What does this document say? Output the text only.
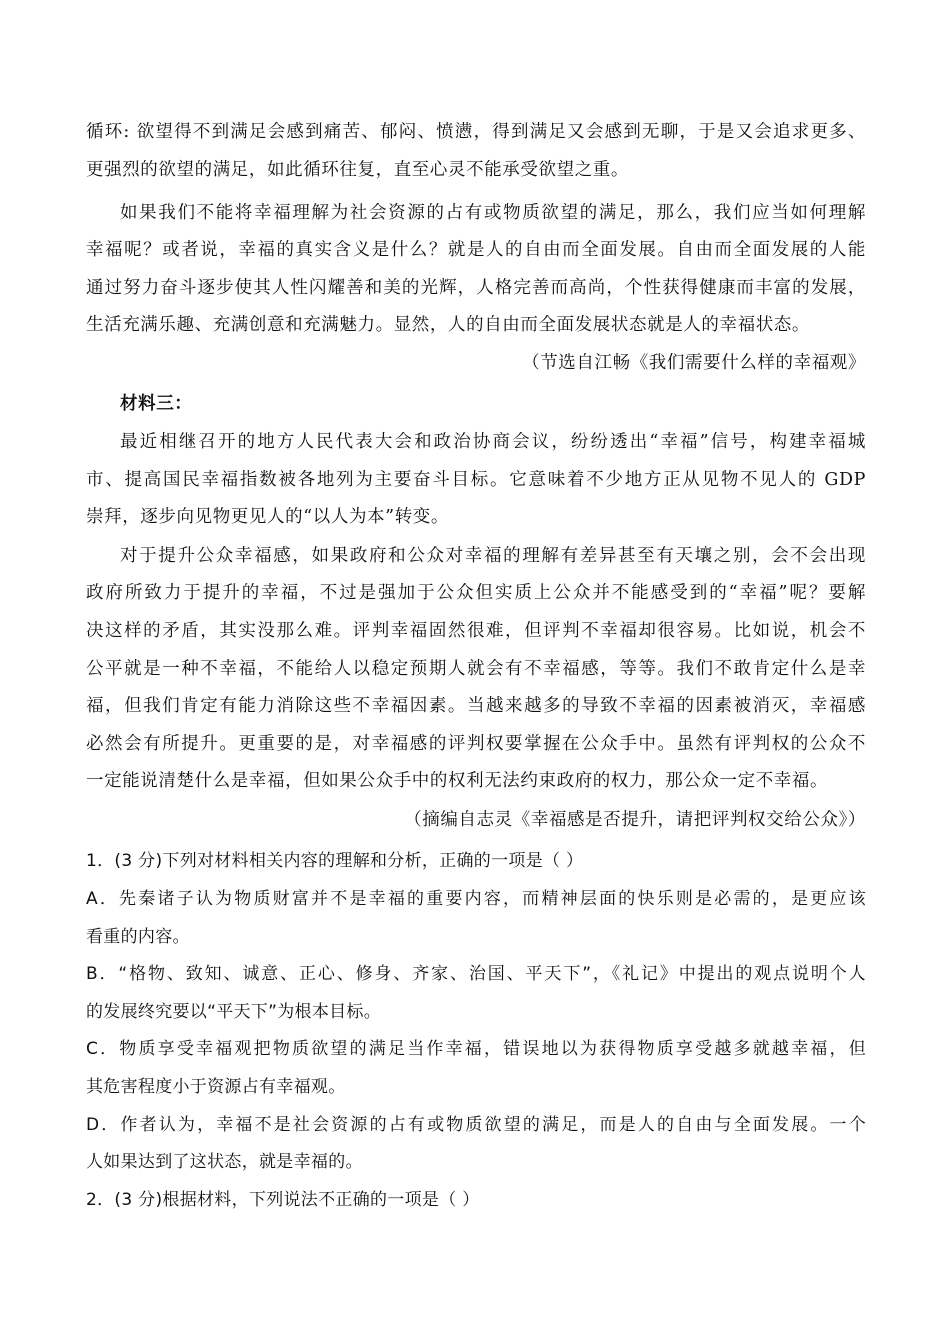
循环: 欲望得不到满足会感到痛苦、郁闷、愤懑，得到满足又会感到无聊，于是又会追求更多、
更强烈的欲望的满足，如此循环往复，直至心灵不能承受欲望之重。
如果我们不能将幸福理解为社会资源的占有或物质欲望的满足，那么，我们应当如何理解
幸福呢？或者说，幸福的真实含义是什么？就是人的自由而全面发展。自由而全面发展的人能
通过努力奋斗逐步使其人性闪耀善和美的光辉，人格完善而高尚，个性获得健康而丰富的发展，
生活充满乐趣、充满创意和充满魅力。显然，人的自由而全面发展状态就是人的幸福状态。
（节选自江畅《我们需要什么样的幸福观》
材料三：
最近相继召开的地方人民代表大会和政治协商会议，纷纷透出“幸福”信号，构建幸福城
市、提高国民幸福指数被各地列为主要奋斗目标。它意味着不少地方正从见物不见人的 GDP
崇拜，逐步向见物更见人的“以人为本”转变。
对于提升公众幸福感，如果政府和公众对幸福的理解有差异甚至有天壤之别，会不会出现
政府所致力于提升的幸福，不过是强加于公众但实质上公众并不能感受到的“幸福”呢？要解
决这样的矛盾，其实没那么难。评判幸福固然很难，但评判不幸福却很容易。比如说，机会不
公平就是一种不幸福，不能给人以稳定预期人就会有不幸福感，等等。我们不敢肯定什么是幸
福，但我们肯定有能力消除这些不幸福因素。当越来越多的导致不幸福的因素被消灭，幸福感
必然会有所提升。更重要的是，对幸福感的评判权要掌握在公众手中。虽然有评判权的公众不
一定能说清楚什么是幸福，但如果公众手中的权利无法约束政府的权力，那公众一定不幸福。
（摘编自志灵《幸福感是否提升，请把评判权交给公众》）
1．(3 分)下列对材料相关内容的理解和分析，正确的一项是（ ）
A．先秦诸子认为物质财富并不是幸福的重要内容，而精神层面的快乐则是必需的，是更应该
看重的内容。
B．“格物、致知、诚意、正心、修身、齐家、治国、平天下”，《礼记》中提出的观点说明个人
的发展终究要以“平天下”为根本目标。
C．物质享受幸福观把物质欲望的满足当作幸福，错误地以为获得物质享受越多就越幸福，但
其危害程度小于资源占有幸福观。
D．作者认为，幸福不是社会资源的占有或物质欲望的满足，而是人的自由与全面发展。一个
人如果达到了这状态，就是幸福的。
2．(3 分)根据材料，下列说法不正确的一项是（ ）
